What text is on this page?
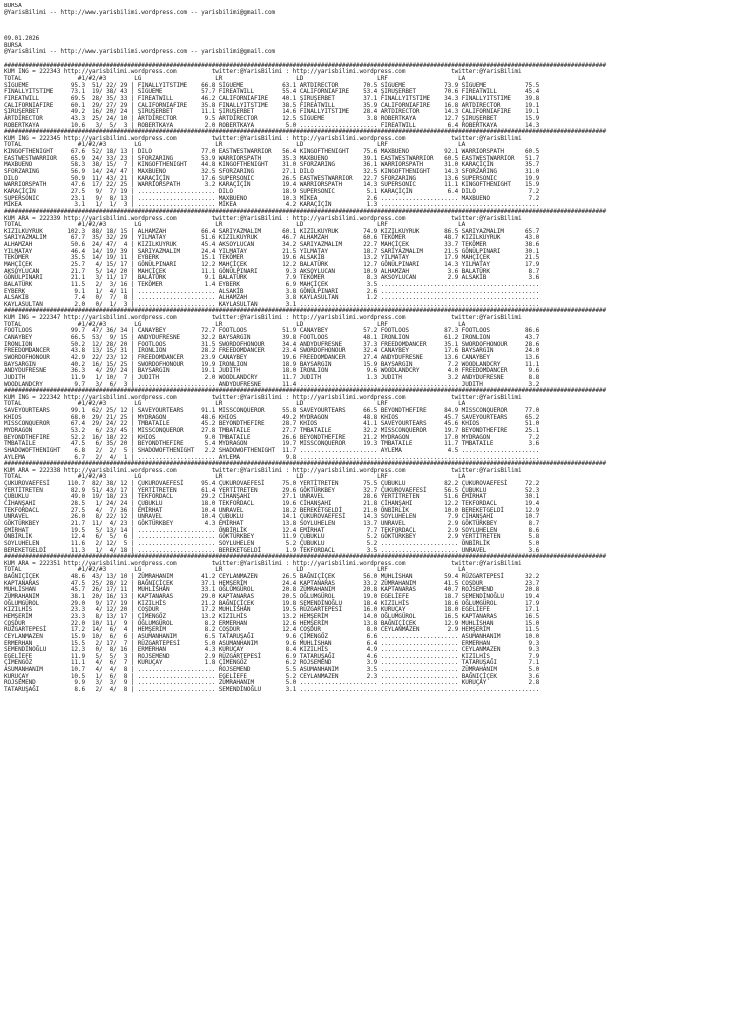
BURSA
@YarisBilimi -- http://www.yarisbilimi.wordpress.com -- yarisbilimi@gmail.com

09.01.2026
BURSA
@YarisBilimi -- http://www.yarisbilimi.wordpress.com -- yarisbilimi@gmail.com

###########################################################################################################################################################################
KUM ING = 222343 http://yarisbilimi.wordpress.com          twitter:@YarisBilimi : http://yarisbilimi.wordpress.com             twitter:@YarisBilimi
TOTAL                #1/#2/#3        LG                     LR                     LD                     LRF                    LA
SİGUEME            95.3  51/ 22/ 29 | FINALLYITSTIME    66.8 SİGUEME           63.1 ARTDIRECTOR       70.5 SİGUEME           73.9 SİGUEME           75.5
FINALLYITSTIME     73.1  19/ 38/ 43 | SİGUEME           57.7 FIREATWILL        55.4 CALIFORNIAFIRE    53.4 ŞIRUŞERBET        70.6 FIREATWILL        45.4
FIREATWILL         69.5  28/ 35/ 33 | FIREATWILL        46.2 CALIFORNIAFIRE    40.1 ŞIRUŞERBET        37.1 FINALLYITSTIME    34.3 FINALLYITSTIME    39.8
CALIFORNIAFIRE     60.1  29/ 27/ 29 | CALIFORNIAFIRE    35.8 FINALLYITSTIME    38.5 FIREATWILL        35.9 CALIFORNIAFIRE    16.8 ARTDIRECTOR       19.1
ŞIRUŞERBET         49.2  16/ 20/ 24 | ŞIRUŞERBET        11.1 ŞIRUŞERBET        14.6 FINALLYITSTIME    28.4 ARTDIRECTOR       14.3 CALIFORNIAFIRE    19.1
ARTDIRECTOR        43.3  25/ 24/ 10 | ARTDIRECTOR        9.5 ARTDIRECTOR       12.5 SİGUEME            3.8 ROBERTKAYA        12.7 ŞIRUŞERBET        15.9
ROBERTKAYA         10.6   3/  5/  3 | ROBERTKAYA         2.0 ROBERTKAYA         5.0 ...................... FIREATWILL         6.4 ROBERTKAYA        14.3
###########################################################################################################################################################################
KUM ING = 222345 http://yarisbilimi.wordpress.com          twitter:@YarisBilimi : http://yarisbilimi.wordpress.com             twitter:@YarisBilimi
TOTAL                #1/#2/#3        LG                     LR                     LD                     LRF                    LA
KINGOFTHENIGHT     67.6  52/ 18/ 13 | DILO              77.0 EASTWESTWARRIOR   56.4 KINGOFTHENIGHT    75.6 MAXBUENO          92.1 WARRIORSPATH      60.5
EASTWESTWARRIOR    65.9  24/ 33/ 23 | SFORZARING        53.9 WARRIORSPATH      35.3 MAXBUENO          39.1 EASTWESTWARRIOR   60.5 EASTWESTWARRIOR   51.7
MAXBUENO           58.3  38/ 15/  7 | KINGOFTHENIGHT    44.8 KINGOFTHENIGHT    31.0 SFORZARING        36.1 WARRIORSPATH      31.0 KARAÇİÇİN         35.7
SFORZARING         56.9  14/ 24/ 47 | MAXBUENO          32.5 SFORZARING        27.1 DILO              32.5 KINGOFTHENIGHT    14.3 SFORZARING        31.0
DILO               50.9  11/ 43/ 21 | KARAÇİÇİN         17.6 SUPERSONIC        26.5 EASTWESTWARRIOR   22.7 SFORZARING        13.6 SUPERSONIC        19.9
WARRIORSPATH       47.6  17/ 22/ 25 | WARRIORSPATH       3.2 KARAÇİÇİN         19.4 WARRIORSPATH      14.3 SUPERSONIC        11.1 KINGOFTHENIGHT    15.9
KARAÇİÇİN          27.5   9/  7/ 19 | ...................... DILO              18.9 SUPERSONIC         5.1 KARAÇİÇİN          6.4 DILO               7.2
SUPERSONIC         23.1   9/  8/ 13 | ...................... MAXBUENO          10.3 MİKEA              2.6 ...................... MAXBUENO           7.2
MİKEA               3.1   1/  1/  3 | ...................... MİKEA              4.2 KARAÇİÇİN          1.3 .............................................
###########################################################################################################################################################################
KUM ARA = 222339 http://yarisbilimi.wordpress.com          twitter:@YarisBilimi : http://yarisbilimi.wordpress.com             twitter:@YarisBilimi
TOTAL                #1/#2/#3        LG                     LR                     LD                     LRF                    LA
KIZILKUYRUK       102.3  88/ 18/ 15 | ALHAMZAH          66.4 SARIYAZMALIM      60.1 KIZILKUYRUK       74.9 KIZILKUYRUK       86.5 SARIYAZMALIM      65.7
SARIYAZMALIM       67.7  35/ 32/ 29 | YILMATAY          51.6 KIZILKUYRUK       46.7 ALHAMZAH          60.6 TEKÖMER           48.7 KIZILKUYRUK       43.0
ALHAMZAH           50.6  24/ 47/  4 | KIZILKUYRUK       45.4 AKSOYLUCAN        34.2 SARIYAZMALIM      22.7 MAHÇİÇEK          33.7 TEKÖMER           38.6
YILMATAY           46.4  14/ 19/ 39 | SARIYAZMALIM      24.4 YILMATAY          21.5 YILMATAY          18.7 SARIYAZMALIM      21.5 GÖNÜLPINARI       30.1
TEKÖMER            35.5  14/ 19/ 11 | EYBERK            15.1 TEKÖMER           19.6 ALSAKİB           13.2 YILMATAY          17.9 MAHÇİÇEK          21.5
MAHÇİÇEK           25.7   4/ 15/ 17 | GÖNÜLPINARI       12.2 MAHÇİÇEK          12.2 BALATÜRK          12.7 GÖNÜLPINARI       14.3 YILMATAY          17.9
AKSOYLUCAN         21.7   5/ 14/ 20 | MAHÇİÇEK          11.1 GÖNÜLPINARI        9.3 AKSOYLUCAN        10.9 ALHAMZAH           3.6 BALATÜRK           8.7
GÖNÜLPINARI        21.1   3/ 11/ 17 | BALATÜRK           9.1 BALATÜRK           7.9 TEKÖMER            8.3 AKSOYLUCAN         2.9 ALSAKİB            3.6
BALATÜRK           11.5   2/  3/ 16 | TEKÖMER            1.4 EYBERK             6.9 MAHÇİÇEK           3.5 .............................................
EYBERK              9.1   1/  4/ 11 | ...................... ALSAKİB            3.8 GÖNÜLPINARI        2.6 .............................................
ALSAKİB             7.4   0/  7/  8 | ...................... ALHAMZAH           3.8 KAYLASULTAN        1.2 .............................................
KAYLASULTAN         2.0   0/  1/  3 | ...................... KAYLASULTAN        3.1 ....................................................................
###########################################################################################################################################################################
KUM ING = 222347 http://yarisbilimi.wordpress.com          twitter:@YarisBilimi : http://yarisbilimi.wordpress.com             twitter:@YarisBilimi
TOTAL                #1/#2/#3        LG                     LR                     LD                     LRF                    LA
FOOTLOOS           99.7  47/ 36/ 34 | CANAYBEY          72.7 FOOTLOOS          51.9 CANAYBEY          57.2 FOOTLOOS          87.3 FOOTLOOS          86.6
CANAYBEY           66.5  53/  9/ 15 | ANDYDUFRESNE      32.2 BAYSARGIN         39.8 FOOTLOOS          48.1 IRONLION          61.2 IRONLION          43.7
IRONLION           50.2  12/ 28/ 20 | FOOTLOOS          31.5 SWORDOFHONOUR     34.4 ANDYDUFRESNE      37.3 FREEDOMDANCER     35.1 SWORDOFHONOUR     28.6
FREEDOMDANCER      43.8  13/ 15/ 31 | IRONLION          28.2 FREEDOMDANCER     23.4 SWORDOFHONOUR     32.4 CANAYBEY          17.6 BAYSARGIN         24.0
SWORDOFHONOUR      42.9  22/ 23/ 12 | FREEDOMDANCER     23.9 CANAYBEY          19.6 FREEDOMDANCER     27.4 ANDYDUFRESNE      13.6 CANAYBEY          13.6
BAYSARGIN          40.2  16/ 15/ 25 | SWORDOFHONOUR     19.9 IRONLION          18.9 BAYSARGIN         15.9 BAYSARGIN          7.2 WOODLANDCRY       11.1
ANDYDUFRESNE       36.3   4/ 29/ 24 | BAYSARGIN         19.1 JUDITH            18.0 IRONLION           9.6 WOODLANDCRY        4.0 FREEDOMDANCER      9.6
JUDITH             11.9   1/ 10/  7 | JUDITH             2.0 WOODLANDCRY       11.7 JUDITH             1.3 JUDITH             3.2 ANDYDUFRESNE       8.8
WOODLANDCRY         9.7   3/  6/  3 | ...................... ANDYDUFRESNE      11.4 ...................... ...................... JUDITH             3.2
###########################################################################################################################################################################
KUM ING = 222342 http://yarisbilimi.wordpress.com          twitter:@YarisBilimi : http://yarisbilimi.wordpress.com             twitter:@YarisBilimi
TOTAL                #1/#2/#3        LG                     LR                     LD                     LRF                    LA
SAVEYOURTEARS      99.1  62/ 25/ 12 | SAVEYOURTEARS     91.1 MISSCONQUEROR     55.8 SAVEYOURTEARS     66.5 BEYONDTHEFIRE     84.9 MISSCONQUEROR     77.0
KHIOS              68.0  29/ 21/ 25 | MYDRAGON          48.6 KHIOS             49.2 MYDRAGON          48.8 KHIOS             45.7 SAVEYOURTEARS     65.2
MISSCONQUEROR      67.4  29/ 24/ 22 | TMBATAILE         45.2 BEYONDTHEFIRE     28.7 KHIOS             41.1 SAVEYOURTEARS     45.6 KHIOS             51.0
MYDRAGON           53.2   6/ 23/ 45 | MISSCONQUEROR     27.8 TMBATAILE         27.7 TMBATAILE         32.2 MISSCONQUEROR     19.7 BEYONDTHEFIRE     25.1
BEYONDTHEFIRE      52.2  16/ 18/ 22 | KHIOS              9.0 TMBATAILE         26.6 BEYONDTHEFIRE     21.2 MYDRAGON          17.0 MYDRAGON           7.2
TMBATAILE          47.5   6/ 35/ 20 | BEYONDTHEFIRE      5.4 MYDRAGON          19.7 MISSCONQUEROR     19.3 TMBATAILE         11.7 TMBATAILE          3.6
SHADOWOFTHENIGHT    6.8   2/  2/  5 | SHADOWOFTHENIGHT   2.2 SHADOWOFTHENIGHT  11.7 ...................... AYLEMA             4.5 ......................
AYLEMA              6.7   2/  4/  1 | ...................... AYLEMA             9.8 ....................................................................
###########################################################################################################################################################################
KUM ARA = 222338 http://yarisbilimi.wordpress.com          twitter:@YarisBilimi : http://yarisbilimi.wordpress.com             twitter:@YarisBilimi
TOTAL                #1/#2/#3        LG                     LR                     LD                     LRF                    LA
ÇUKUROVAEFESİ     110.7  82/ 38/ 12 | ÇUKUROVAEFESİ     95.4 ÇUKUROVAEFESİ     75.0 YERTİTRETEN       75.5 ÇUBUKLU           82.2 ÇUKUROVAEFESİ     72.2
YERTİTRETEN        82.9  51/ 43/ 17 | YERTİTRETEN       61.4 YERTİTRETEN       29.6 GÖKTÜRKBEY        32.7 ÇUKUROVAEFESİ     56.5 ÇUBUKLU           52.3
ÇUBUKLU            49.0  19/ 18/ 23 | TEKFORDACL        29.2 CİHANŞAHI         27.1 UNRAVEL           28.6 YERTİTRETEN       51.6 EMİRHAT           30.1
CİHANŞAHI          28.5   1/ 24/ 24 | ÇUBUKLU           18.0 TEKFORDACL        19.6 CİHANŞAHI         21.8 CİHANŞAHI         12.2 TEKFORDACL        19.4
TEKFORDACL         27.5   4/  7/ 36 | EMİRHAT           10.4 UNRAVEL           18.2 BEREKETGELDİ      21.0 ÖNBİRLİK          10.0 BEREKETGELDİ      12.9
UNRAVEL            26.0   8/ 22/ 12 | UNRAVEL           10.4 ÇUBUKLU           14.1 ÇUKUROVAEFESİ     14.3 SOYLUHELEN         7.9 CİHANŞAHI         10.7
GÖKTÜRKBEY         21.7  11/  4/ 23 | GÖKTÜRKBEY         4.3 EMİRHAT           13.8 SOYLUHELEN        13.7 UNRAVEL            2.9 GÖKTÜRKBEY         8.7
EMİRHAT            19.5   5/ 13/ 14 | ...................... ÖNBİRLİK          12.4 EMİRHAT            7.7 TEKFORDACL         2.9 SOYLUHELEN         8.6
ÖNBİRLİK           12.4   6/  5/  6 | ...................... GÖKTÜRKBEY        11.9 ÇUBUKLU            5.2 GÖKTÜRKBEY         2.9 YERTİTRETEN        5.8
SOYLUHELEN         11.6   2/ 12/  5 | ...................... SOYLUHELEN         5.2 ÇUBUKLU            5.2 ...................... ÖNBİRLİK           5.0
BEREKETGELDİ       11.3   1/  4/ 18 | ...................... BEREKETGELDİ       1.9 TEKFORDACL         3.5 ...................... UNRAVEL            3.6
###########################################################################################################################################################################
KUM ARA = 222351 http://yarisbilimi.wordpress.com          twitter:@YarisBilimi : http://yarisbilimi.wordpress.com             twitter:@YarisBilimi
TOTAL                #1/#2/#3        LG                     LR                     LD                     LRF                    LA
BAĞNIÇİÇEK         48.6  43/ 13/ 10 | ZÜMRAHANIM        41.2 CEYLANMAZEN       26.5 BAĞNIÇİÇEK        56.0 MUHLİSHAN         59.4 RÜZGARTEPESİ      32.2
KAPTANARAS         47.5  25/ 28/ 12 | BAĞNIÇİÇEK        37.1 HEMŞERİM          24.4 KAPTANARAS        33.2 ZÜMRAHANIM        41.5 COŞDUR            23.7
MUHLİSHAN          45.7  26/ 17/ 11 | MUHLİSHAN         33.1 OĞLUMGÜROL        20.8 ZÜMRAHANIM        20.8 KAPTANARAS        40.7 ROJSEMEND         20.8
ZÜMRAHANIM         38.1  20/ 16/ 13 | KAPTANARAS        29.0 KAPTANARAS        20.5 OĞLUMGÜROL        19.0 EGELİEFE          18.7 SEMENDİNOĞLU      19.4
OĞLUMGÜROL         29.0   9/ 17/ 19 | KIZILHİS          21.2 BAĞNIÇİÇEK        19.8 SEMENDİNOĞLU      18.4 KIZILHİS          18.6 OĞLUMGÜROL        17.9
KIZILHİS           23.3   4/ 12/ 20 | COŞDUR            17.2 MUHLİSHAN         19.5 RÜZGARTEPESİ      16.0 KURUÇAY           18.0 EGELİEFE          17.1
HEMŞERİM           23.3   8/ 13/ 17 | ÇİMENGÖZ          13.2 KIZILHİS          13.2 HEMŞERİM          14.0 OĞLUMGÜROL        16.5 KAPTANARAS        16.5
COŞDUR             22.0  10/ 11/  9 | OĞLUMGÜROL         8.2 ERMERHAN          12.6 HEMŞERİM          13.8 BAĞNIÇİÇEK        12.9 MUHLİSHAN         15.0
RÜZGARTEPESİ       17.2  14/  6/  4 | HEMŞERİM           8.2 COŞDUR            12.4 COŞDUR             8.0 CEYLANMAZEN        2.9 HEMŞERİM          11.5
CEYLANMAZEN        15.9  10/  6/  6 | ASUMANHANIM        6.5 TATARUŞAĞI         9.6 ÇİMENGÖZ           6.6 ...................... ASUMANHANIM       10.0
ERMERHAN           15.5   2/ 17/  7 | RÜZGARTEPESİ       5.0 ASUMANHANIM        9.6 MUHLİSHAN          6.4 ...................... ERMERHAN           9.3
SEMENDİNOĞLU       12.3   0/  8/ 16 | ERMERHAN           4.3 KURUÇAY            8.4 KIZILHİS           4.9 ...................... CEYLANMAZEN        9.3
EGELİEFE           11.9   5/  5/  3 | ROJSEMEND          2.9 RÜZGARTEPESİ       6.9 TATARUŞAĞI         4.6 ...................... KIZILHİS           7.9
ÇİMENGÖZ           11.1   4/  6/  7 | KURUÇAY            1.8 ÇİMENGÖZ           6.2 ROJSEMEND          3.9 ...................... TATARUŞAĞI         7.1
ASUMANHANIM        10.7   4/  4/  8 | ...................... ROJSEMEND          5.5 ASUMANHANIM        3.5 ...................... ZÜMRAHANIM         5.0
KURUÇAY            10.5   1/  6/  8 | ...................... EGELİEFE           5.2 CEYLANMAZEN        2.3 ...................... BAĞNIÇİÇEK         3.6
ROJSEMEND           9.9   3/  3/  9 | ...................... ZÜMRAHANIM         5.0 ...................... ...................... KURUÇAY            2.8
TATARUŞAĞI          8.6   2/  4/  8 | ...................... SEMENDİNOĞLU       3.1 ....................................................................
